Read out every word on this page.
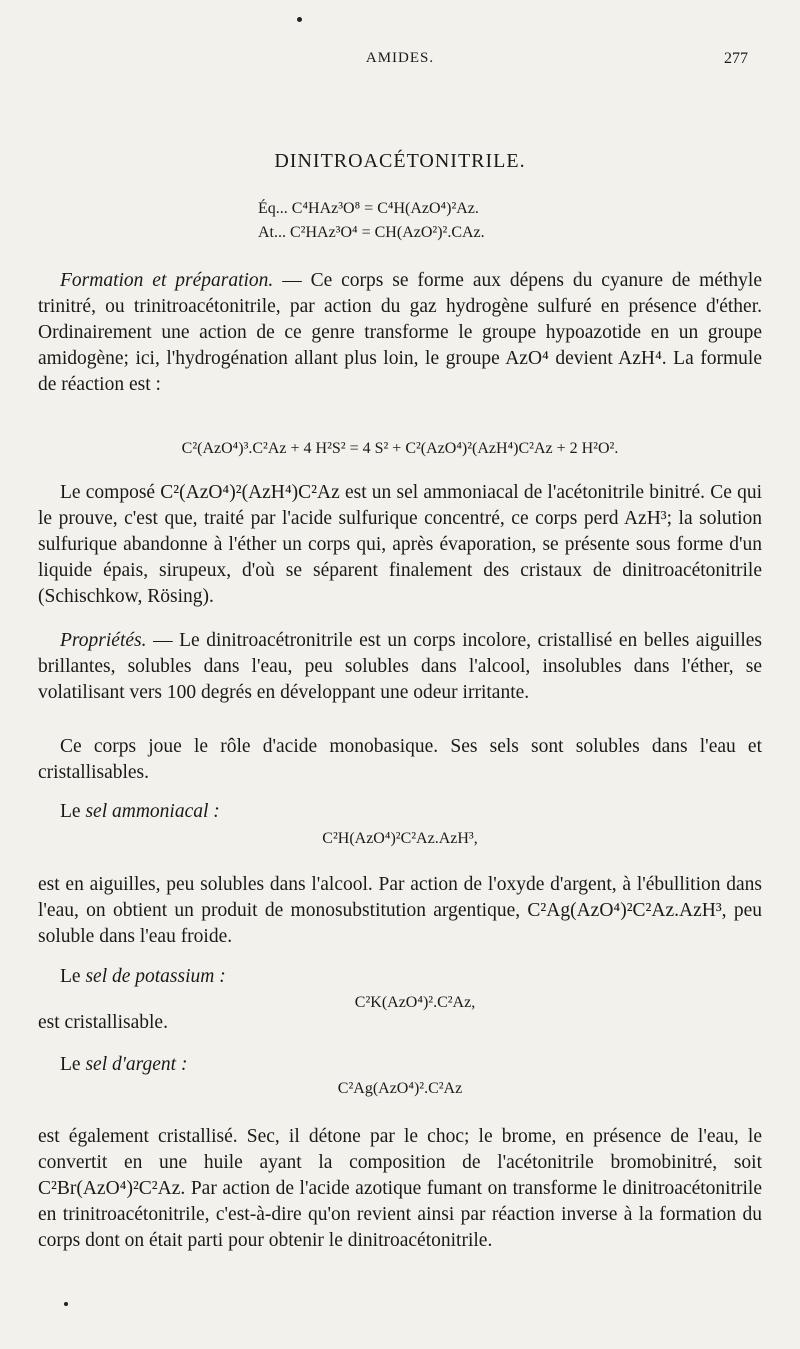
AMIDES.	277
DINITROACÉTONITRILE.
Éq... C⁴HAz³O⁸ = C⁴H(AzO⁴)²Az.
At... C²HAz³O⁴ = CH(AzO²)².CAz.

Formation et préparation. — Ce corps se forme aux dépens du cyanure de méthyle trinitré, ou trinitroacétonitrile, par action du gaz hydrogène sulfuré en présence d'éther. Ordinairement une action de ce genre transforme le groupe hypoazotide en un groupe amidogène; ici, l'hydrogénation allant plus loin, le groupe AzO⁴ devient AzH⁴. La formule de réaction est :

C²(AzO⁴)³.C²Az + 4 H²S² = 4 S² + C²(AzO⁴)²(AzH⁴)C²Az + 2 H²O².

Le composé C²(AzO⁴)²(AzH⁴)C²Az est un sel ammoniacal de l'acétonitrile binitré. Ce qui le prouve, c'est que, traité par l'acide sulfurique concentré, ce corps perd AzH³; la solution sulfurique abandonne à l'éther un corps qui, après évaporation, se présente sous forme d'un liquide épais, sirupeux, d'où se séparent finalement des cristaux de dinitroacétonitrile (Schischkow, Rösing).

Propriétés. — Le dinitroacétronitrile est un corps incolore, cristallisé en belles aiguilles brillantes, solubles dans l'eau, peu solubles dans l'alcool, insolubles dans l'éther, se volatilisant vers 100 degrés en développant une odeur irritante.

Ce corps joue le rôle d'acide monobasique. Ses sels sont solubles dans l'eau et cristallisables.

Le sel ammoniacal :
C²H(AzO⁴)²C²Az.AzH³,

est en aiguilles, peu solubles dans l'alcool. Par action de l'oxyde d'argent, à l'ébullition dans l'eau, on obtient un produit de monosubstitution argentique, C²Ag(AzO⁴)²C²Az.AzH³, peu soluble dans l'eau froide.

Le sel de potassium :
C²K(AzO⁴)².C²Az,

est cristallisable.

Le sel d'argent :
C²Ag(AzO⁴)².C²Az

est également cristallisé. Sec, il détone par le choc; le brome, en présence de l'eau, le convertit en une huile ayant la composition de l'acétonitrile bromobinitré, soit C²Br(AzO⁴)²C²Az. Par action de l'acide azotique fumant on transforme le dinitroacétonitrile en trinitroacétonitrile, c'est-à-dire qu'on revient ainsi par réaction inverse à la formation du corps dont on était parti pour obtenir le dinitroacétonitrile.
